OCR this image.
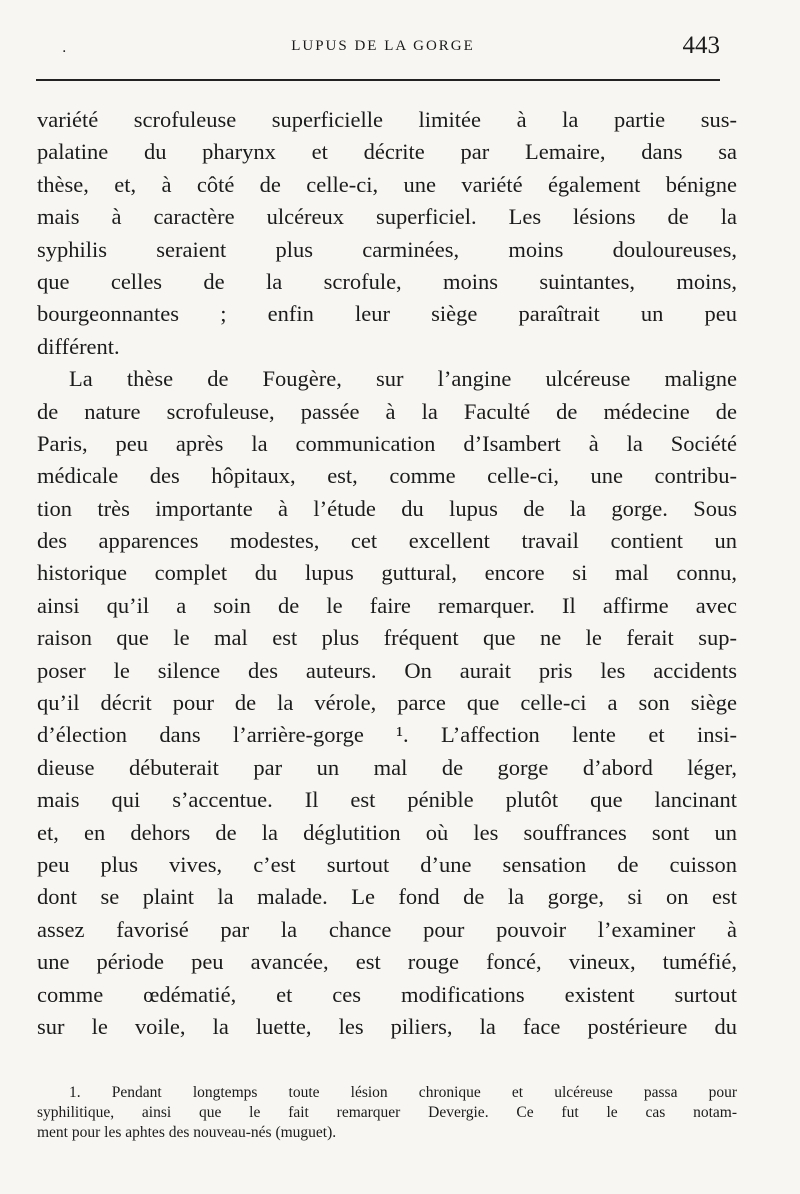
.	LUPUS DE LA GORGE	443
variété scrofuleuse superficielle limitée à la partie sus-
palatine du pharynx et décrite par Lemaire, dans sa
thèse, et, à côté de celle-ci, une variété également bénigne
mais à caractère ulcéreux superficiel. Les lésions de la
syphilis seraient plus carminées, moins douloureuses,
que celles de la scrofule, moins suintantes, moins,
bourgeonnantes ; enfin leur siège paraîtrait un peu
différent.
La thèse de Fougère, sur l’angine ulcéreuse maligne
de nature scrofuleuse, passée à la Faculté de médecine de
Paris, peu après la communication d’Isambert à la Société
médicale des hôpitaux, est, comme celle-ci, une contribu-
tion très importante à l’étude du lupus de la gorge. Sous
des apparences modestes, cet excellent travail contient un
historique complet du lupus guttural, encore si mal connu,
ainsi qu’il a soin de le faire remarquer. Il affirme avec
raison que le mal est plus fréquent que ne le ferait sup-
poser le silence des auteurs. On aurait pris les accidents
qu’il décrit pour de la vérole, parce que celle-ci a son siège
d’élection dans l’arrière-gorge ¹. L’affection lente et insi-
dieuse débuterait par un mal de gorge d’abord léger,
mais qui s’accentue. Il est pénible plutôt que lancinant
et, en dehors de la déglutition où les souffrances sont un
peu plus vives, c’est surtout d’une sensation de cuisson
dont se plaint la malade. Le fond de la gorge, si on est
assez favorisé par la chance pour pouvoir l’examiner à
une période peu avancée, est rouge foncé, vineux, tuméfié,
comme œdématié, et ces modifications existent surtout
sur le voile, la luette, les piliers, la face postérieure du
1. Pendant longtemps toute lésion chronique et ulcéreuse passa pour
syphilitique, ainsi que le fait remarquer Devergie. Ce fut le cas notam-
ment pour les aphtes des nouveau-nés (muguet).
